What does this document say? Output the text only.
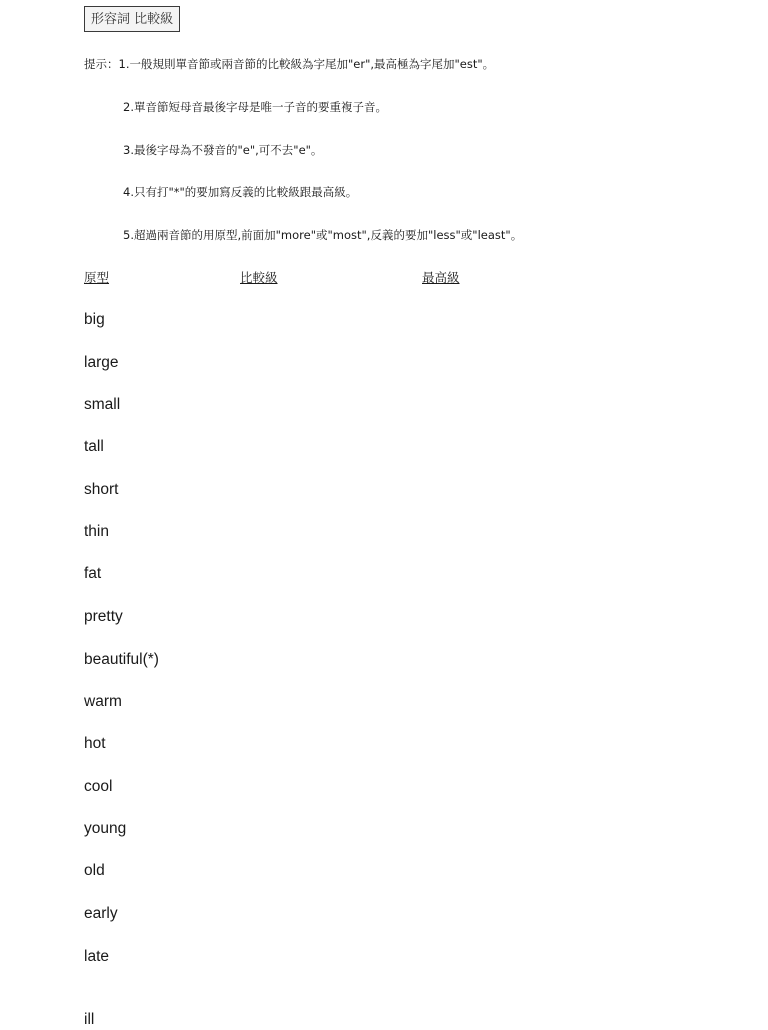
形容詞 比較級
提示：1.一般規則單音節或兩音節的比較級為字尾加"er",最高極為字尾加"est"。
2.單音節短母音最後字母是唯一子音的要重複子音。
3.最後字母為不發音的"e",可不去"e"。
4.只有打"*"的要加寫反義的比較級跟最高級。
5.超過兩音節的用原型,前面加"more"或"most",反義的要加"less"或"least"。
原型	比較級	最高級
big
large
small
tall
short
thin
fat
pretty
beautiful(*)
warm
hot
cool
young
old
early
late
ill
